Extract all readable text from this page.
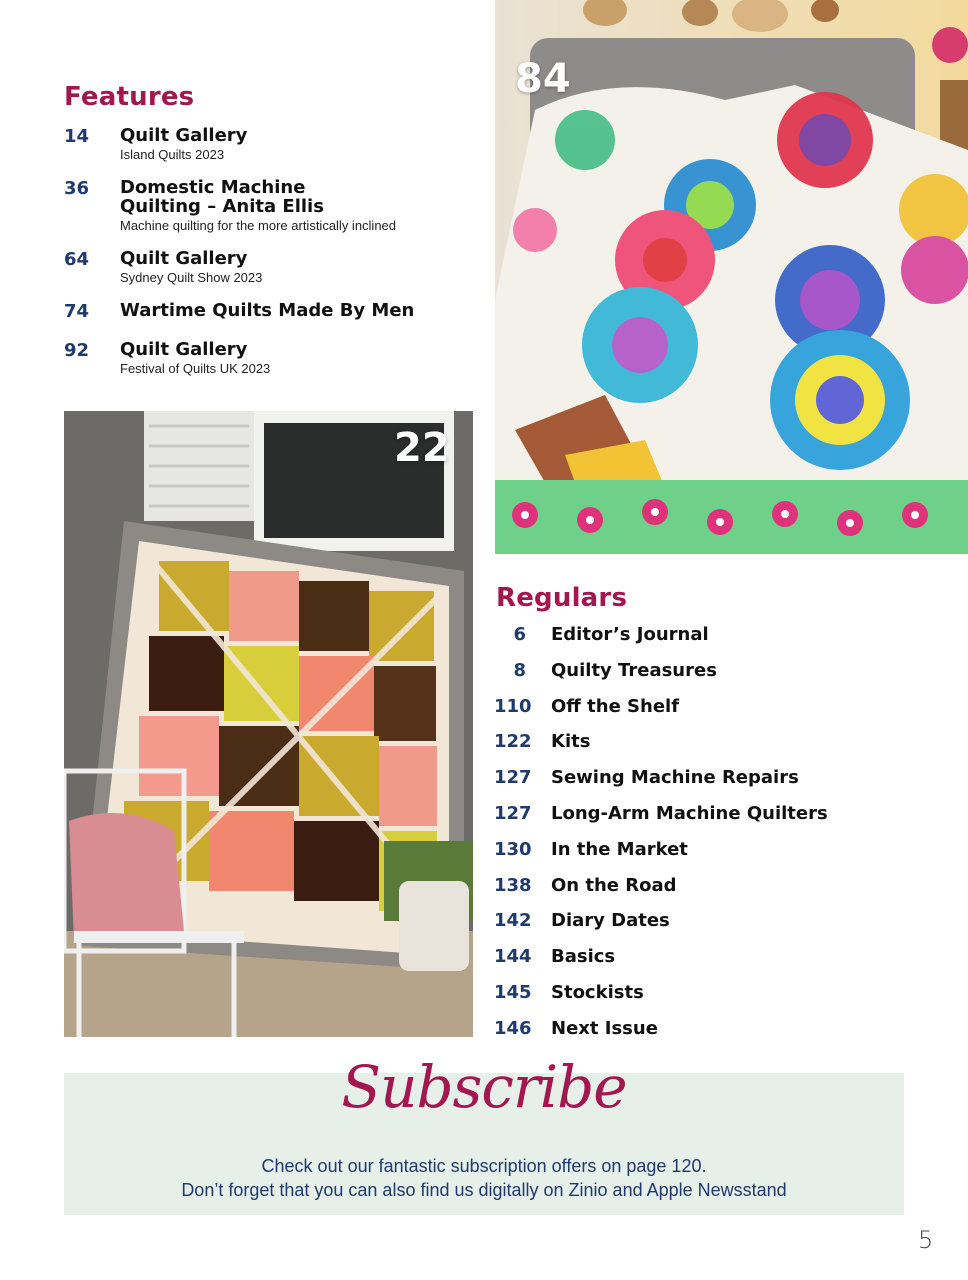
Features
14 Quilt Gallery
Island Quilts 2023
36 Domestic Machine Quilting – Anita Ellis
Machine quilting for the more artistically inclined
64 Quilt Gallery
Sydney Quilt Show 2023
74 Wartime Quilts Made By Men
92 Quilt Gallery
Festival of Quilts UK 2023
84
22
Regulars
6 Editor’s Journal
8 Quilty Treasures
110 Off the Shelf
122 Kits
127 Sewing Machine Repairs
127 Long-Arm Machine Quilters
130 In the Market
138 On the Road
142 Diary Dates
144 Basics
145 Stockists
146 Next Issue
Subscribe
Check out our fantastic subscription offers on page 120.
Don’t forget that you can also find us digitally on Zinio and Apple Newsstand
5
